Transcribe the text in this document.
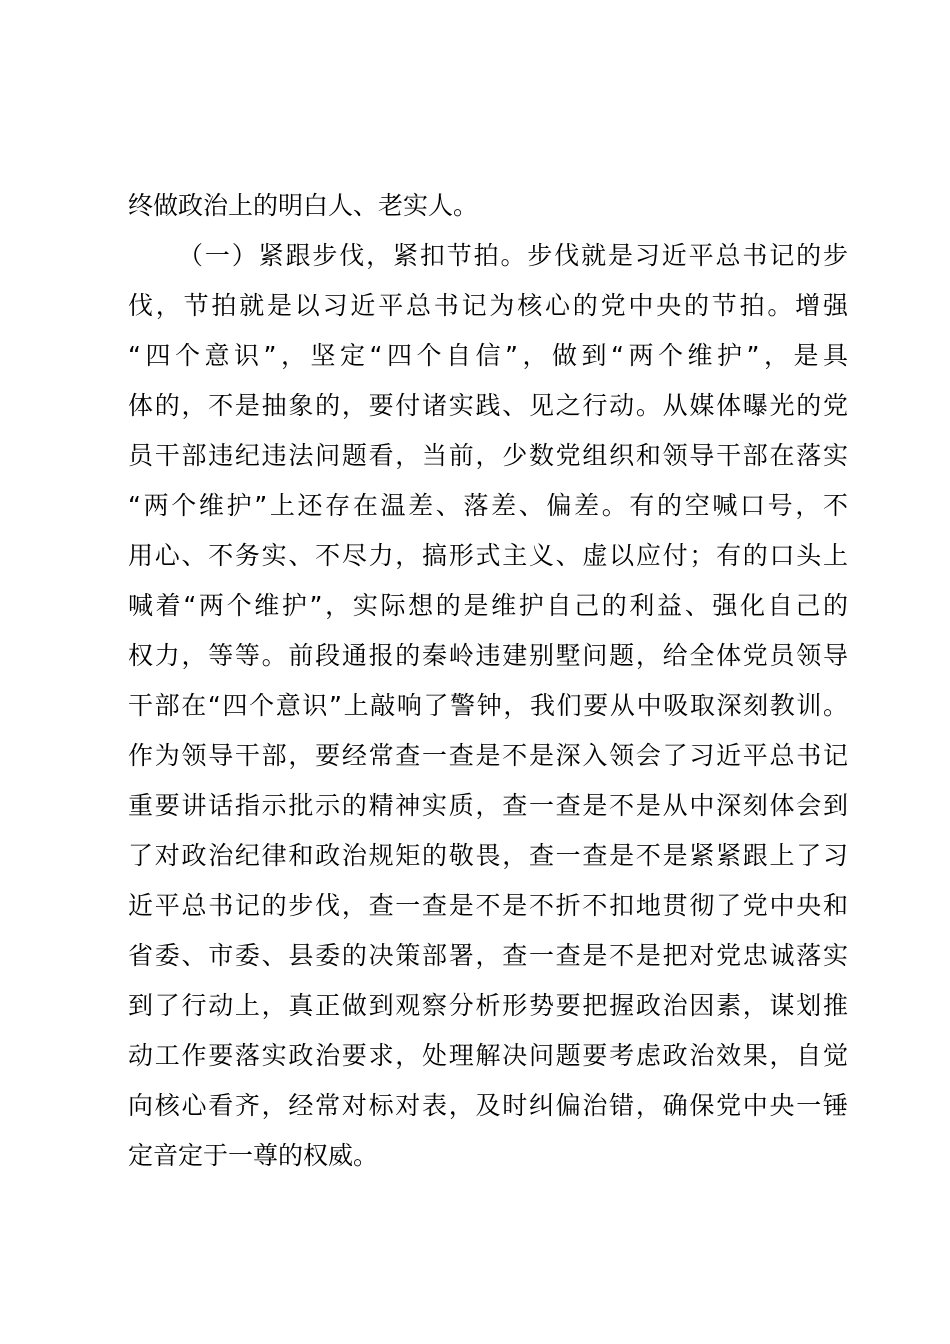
终做政治上的明白人、老实人。
（一）紧跟步伐，紧扣节拍。步伐就是习近平总书记的步
伐，节拍就是以习近平总书记为核心的党中央的节拍。增强
“四个意识”，坚定“四个自信”，做到“两个维护”，是具
体的，不是抽象的，要付诸实践、见之行动。从媒体曝光的党
员干部违纪违法问题看，当前，少数党组织和领导干部在落实
“两个维护”上还存在温差、落差、偏差。有的空喊口号，不
用心、不务实、不尽力，搞形式主义、虚以应付；有的口头上
喊着“两个维护”，实际想的是维护自己的利益、强化自己的
权力，等等。前段通报的秦岭违建别墅问题，给全体党员领导
干部在“四个意识”上敲响了警钟，我们要从中吸取深刻教训。
作为领导干部，要经常查一查是不是深入领会了习近平总书记
重要讲话指示批示的精神实质，查一查是不是从中深刻体会到
了对政治纪律和政治规矩的敬畏，查一查是不是紧紧跟上了习
近平总书记的步伐，查一查是不是不折不扣地贯彻了党中央和
省委、市委、县委的决策部署，查一查是不是把对党忠诚落实
到了行动上，真正做到观察分析形势要把握政治因素，谋划推
动工作要落实政治要求，处理解决问题要考虑政治效果，自觉
向核心看齐，经常对标对表，及时纠偏治错，确保党中央一锤
定音定于一尊的权威。
